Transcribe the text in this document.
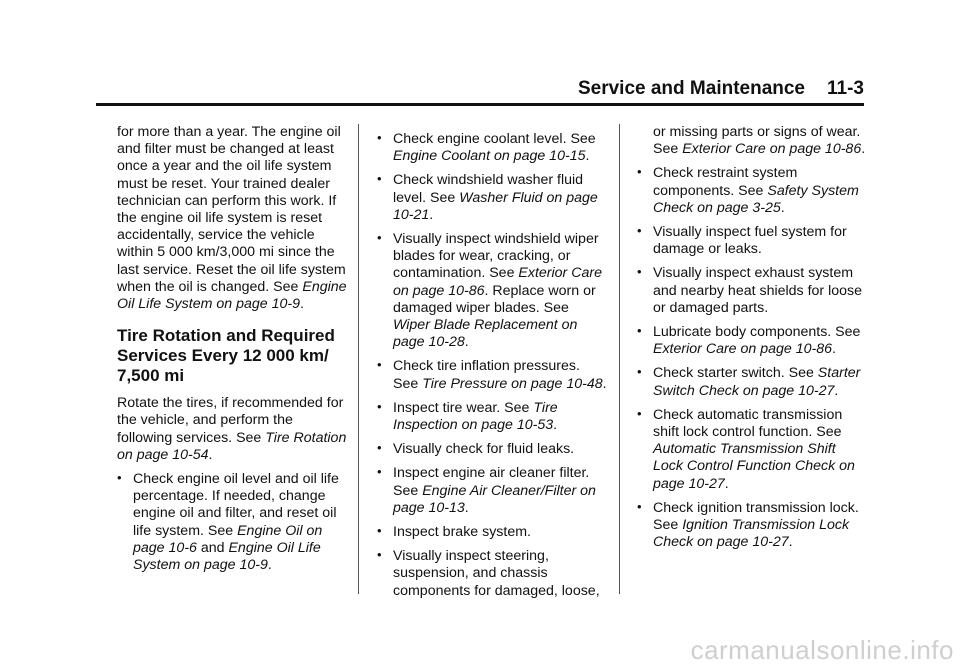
Service and Maintenance 11-3

for more than a year. The engine oil and filter must be changed at least once a year and the oil life system must be reset. Your trained dealer technician can perform this work. If the engine oil life system is reset accidentally, service the vehicle within 5 000 km/3,000 mi since the last service. Reset the oil life system when the oil is changed. See Engine Oil Life System on page 10-9.

Tire Rotation and Required Services Every 12 000 km/ 7,500 mi

Rotate the tires, if recommended for the vehicle, and perform the following services. See Tire Rotation on page 10-54.

• Check engine oil level and oil life percentage. If needed, change engine oil and filter, and reset oil life system. See Engine Oil on page 10-6 and Engine Oil Life System on page 10-9.
• Check engine coolant level. See Engine Coolant on page 10-15.
• Check windshield washer fluid level. See Washer Fluid on page 10-21.
• Visually inspect windshield wiper blades for wear, cracking, or contamination. See Exterior Care on page 10-86. Replace worn or damaged wiper blades. See Wiper Blade Replacement on page 10-28.
• Check tire inflation pressures. See Tire Pressure on page 10-48.
• Inspect tire wear. See Tire Inspection on page 10-53.
• Visually check for fluid leaks.
• Inspect engine air cleaner filter. See Engine Air Cleaner/Filter on page 10-13.
• Inspect brake system.
• Visually inspect steering, suspension, and chassis components for damaged, loose,

or missing parts or signs of wear. See Exterior Care on page 10-86.

• Check restraint system components. See Safety System Check on page 3-25.
• Visually inspect fuel system for damage or leaks.
• Visually inspect exhaust system and nearby heat shields for loose or damaged parts.
• Lubricate body components. See Exterior Care on page 10-86.
• Check starter switch. See Starter Switch Check on page 10-27.
• Check automatic transmission shift lock control function. See Automatic Transmission Shift Lock Control Function Check on page 10-27.
• Check ignition transmission lock. See Ignition Transmission Lock Check on page 10-27.
carmanualsonline.info
